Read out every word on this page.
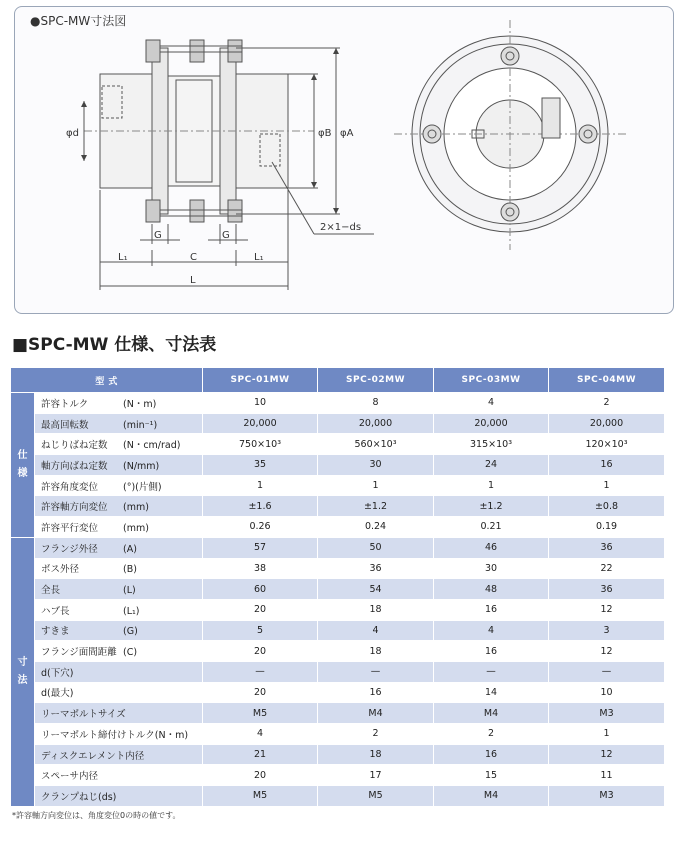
●SPC-MW寸法図
φd	φB φA
G	G
L₁	C	L₁
L
2×1−ds
■SPC-MW 仕様、寸法表
型 式		SPC-01MW	SPC-02MW	SPC-03MW	SPC-04MW

仕
様	許容トルク (N・m)	10	8	4	2
	最高回転数 (min⁻¹)	20,000	20,000	20,000	20,000
	ねじりばね定数 (N・cm/rad)	750×10³	560×10³	315×10³	120×10³
	軸方向ばね定数 (N/mm)	35	30	24	16
	許容角度変位 (°)(片側)	1	1	1	1
	許容軸方向変位 (mm)	±1.6	±1.2	±1.2	±0.8
	許容平行変位 (mm)	0.26	0.24	0.21	0.19

寸
法	フランジ外径 (A)	57	50	46	36
	ボス外径 (B)	38	36	30	22
	全長 (L)	60	54	48	36
	ハブ長 (L₁)	20	18	16	12
	すきま (G)	5	4	4	3
	フランジ面間距離 (C)	20	18	16	12
	d(下穴)	—	—	—	—
	d(最大)	20	16	14	10
	リーマボルトサイズ	M5	M4	M4	M3
	リーマボルト締付けトルク(N・m)	4	2	2	1
	ディスクエレメント内径	21	18	16	12
	スペーサ内径	20	17	15	11
	クランプねじ(ds)	M5	M5	M4	M3
*許容軸方向変位は、角度変位0の時の値です。
